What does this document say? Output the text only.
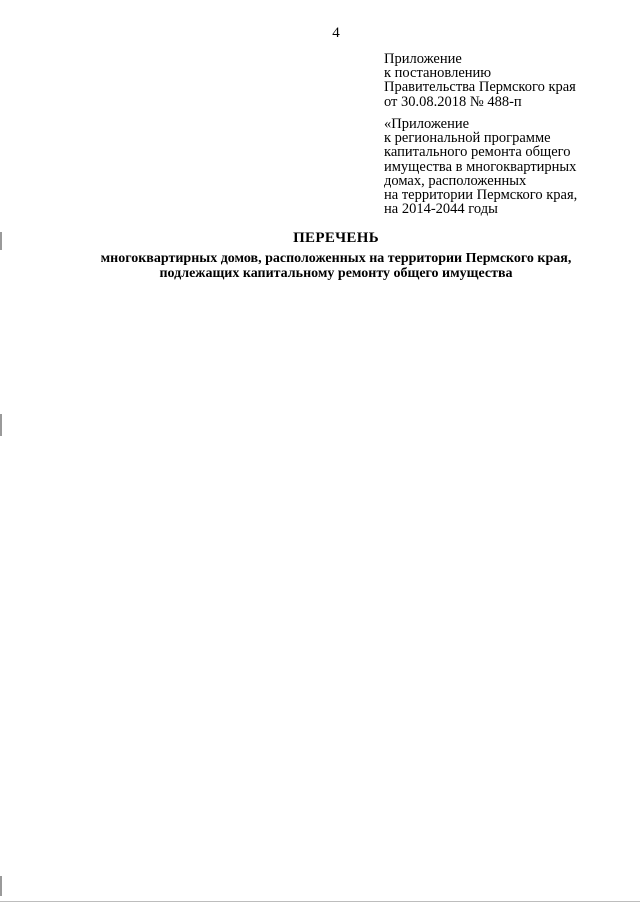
4
Приложение
к постановлению
Правительства Пермского края
от 30.08.2018 № 488-п
«Приложение
к региональной программе
капитального ремонта общего
имущества в многоквартирных
домах, расположенных
на территории Пермского края,
на 2014-2044 годы
ПЕРЕЧЕНЬ
многоквартирных домов, расположенных на территории Пермского края,
подлежащих капитальному ремонту общего имущества
